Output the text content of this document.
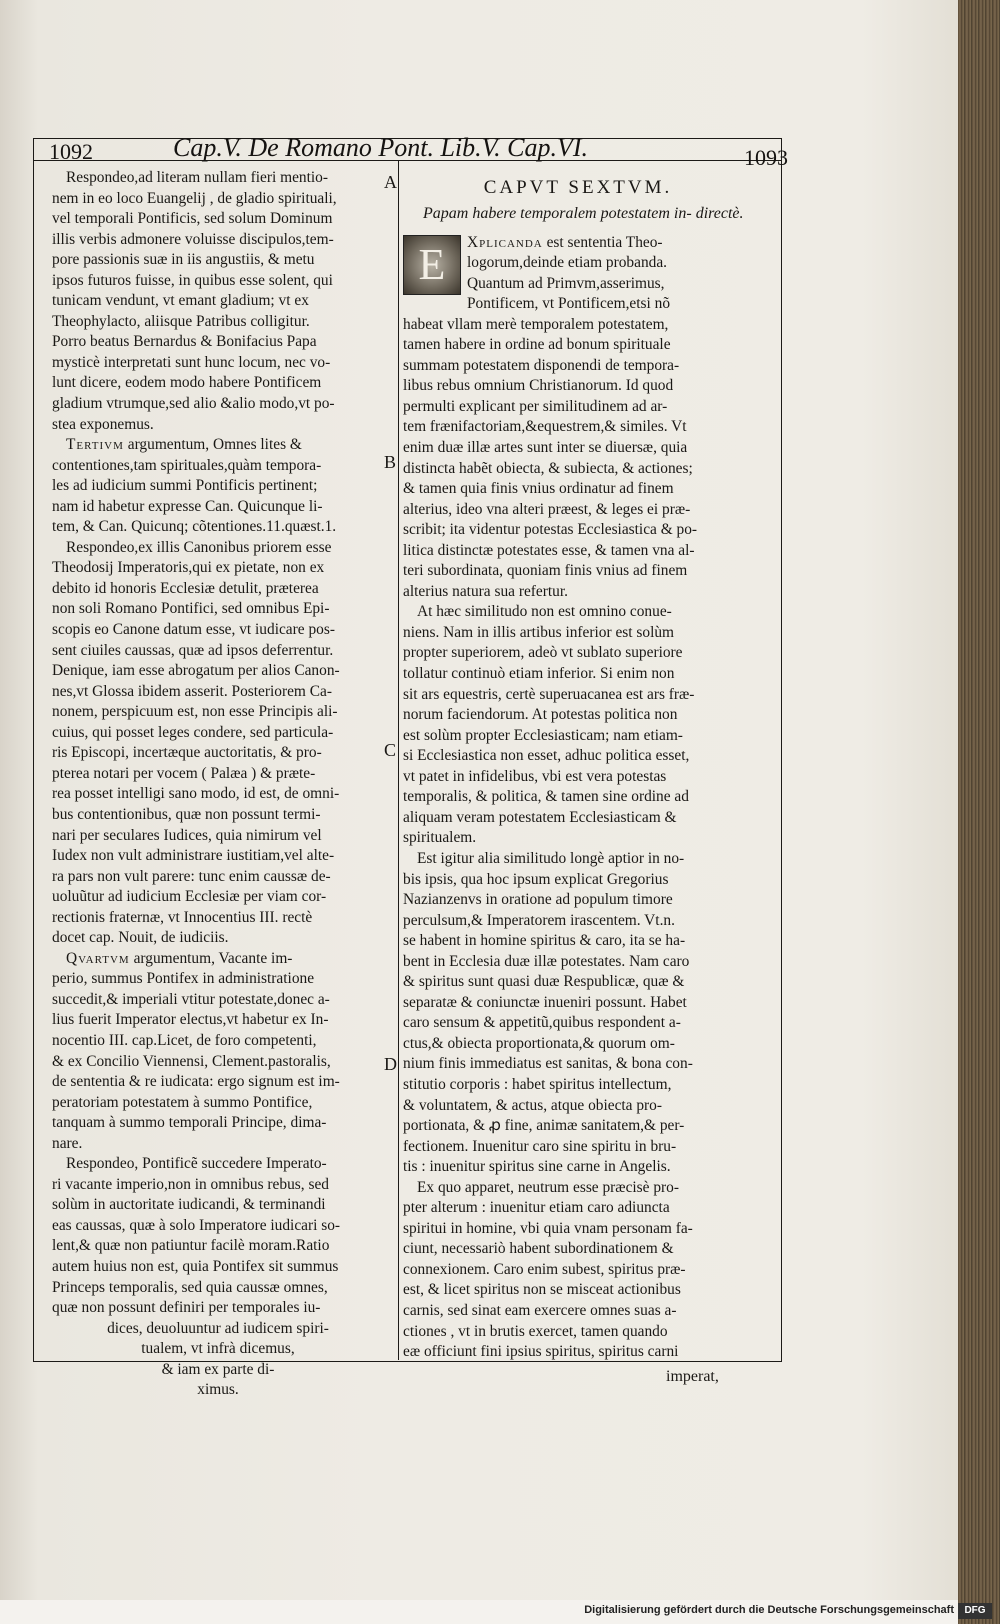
Digitalisierung gefördert durch die Deutsche Forschungsgemeinschaft	DFG
1092	Cap.V. De Romano Pont. Lib.V. Cap.VI.	1093

Respondeo,ad literam nullam fieri mentio-
nem in eo loco Euangelij , de gladio spirituali,
vel temporali Pontificis, sed solum Dominum
illis verbis admonere voluisse discipulos,tem-
pore passionis suæ in iis angustiis, & metu
ipsos futuros fuisse, in quibus esse solent, qui
tunicam vendunt, vt emant gladium; vt ex
Theophylacto, aliisque Patribus colligitur.
Porro beatus Bernardus & Bonifacius Papa
mysticè interpretati sunt hunc locum, nec vo-
lunt dicere, eodem modo habere Pontificem
gladium vtrumque,sed alio &alio modo,vt po-
stea exponemus.

Tertivm argumentum, Omnes lites &
contentiones,tam spirituales,quàm tempora-
les ad iudicium summi Pontificis pertinent;
nam id habetur expresse Can. Quicunque li-
tem, & Can. Quicunq; cõtentiones.11.quæst.1.

Respondeo,ex illis Canonibus priorem esse
Theodosij Imperatoris,qui ex pietate, non ex
debito id honoris Ecclesiæ detulit, præterea
non soli Romano Pontifici, sed omnibus Epi-
scopis eo Canone datum esse, vt iudicare pos-
sent ciuiles caussas, quæ ad ipsos deferrentur.
Denique, iam esse abrogatum per alios Canon-
nes,vt Glossa ibidem asserit. Posteriorem Ca-
nonem, perspicuum est, non esse Principis ali-
cuius, qui posset leges condere, sed particula-
ris Episcopi, incertæque auctoritatis, & pro-
pterea notari per vocem ( Palæa ) & præte-
rea posset intelligi sano modo, id est, de omni-
bus contentionibus, quæ non possunt termi-
nari per seculares Iudices, quia nimirum vel
Iudex non vult administrare iustitiam,vel alte-
ra pars non vult parere: tunc enim caussæ de-
uoluũtur ad iudicium Ecclesiæ per viam cor-
rectionis fraternæ, vt Innocentius III. rectè
docet cap. Nouit, de iudiciis.

Qvartvm argumentum, Vacante im-
perio, summus Pontifex in administratione
succedit,& imperiali vtitur potestate,donec a-
lius fuerit Imperator electus,vt habetur ex In-
nocentio III. cap.Licet, de foro competenti,
& ex Concilio Viennensi, Clement.pastoralis,
de sententia & re iudicata: ergo signum est im-
peratoriam potestatem à summo Pontifice,
tanquam à summo temporali Principe, dima-
nare.

Respondeo, Pontificẽ succedere Imperato-
ri vacante imperio,non in omnibus rebus, sed
solùm in auctoritate iudicandi, & terminandi
eas caussas, quæ à solo Imperatore iudicari so-
lent,& quæ non patiuntur facilè moram.Ratio
autem huius non est, quia Pontifex sit summus
Princeps temporalis, sed quia caussæ omnes,
quæ non possunt definiri per temporales iu-

dices, deuoluuntur ad iudicem spiri-
tualem, vt infrà dicemus,
& iam ex parte di-
ximus.

A
B
C
D
CAPVT SEXTVM.
Papam habere temporalem potestatem in- directè.

E	Xplicanda est sententia Theo-
logorum,deinde etiam probanda.
Quantum ad Primvm,asserimus,
Pontificem, vt Pontificem,etsi nõ
habeat vllam merè temporalem potestatem,
tamen habere in ordine ad bonum spirituale
summam potestatem disponendi de tempora-
libus rebus omnium Christianorum. Id quod
permulti explicant per similitudinem ad ar-
tem frænifactoriam,&equestrem,& similes. Vt
enim duæ illæ artes sunt inter se diuersæ, quia
distincta habẽt obiecta, & subiecta, & actiones;
& tamen quia finis vnius ordinatur ad finem
alterius, ideo vna alteri præest, & leges ei præ-
scribit; ita videntur potestas Ecclesiastica & po-
litica distinctæ potestates esse, & tamen vna al-
teri subordinata, quoniam finis vnius ad finem
alterius natura sua refertur.

At hæc similitudo non est omnino conue-
niens. Nam in illis artibus inferior est solùm
propter superiorem, adeò vt sublato superiore
tollatur continuò etiam inferior. Si enim non
sit ars equestris, certè superuacanea est ars fræ-
norum faciendorum. At potestas politica non
est solùm propter Ecclesiasticam; nam etiam-
si Ecclesiastica non esset, adhuc politica esset,
vt patet in infidelibus, vbi est vera potestas
temporalis, & politica, & tamen sine ordine ad
aliquam veram potestatem Ecclesiasticam &
spiritualem.

Est igitur alia similitudo longè aptior in no-
bis ipsis, qua hoc ipsum explicat Gregorius
Nazianzenvs in oratione ad populum timore
perculsum,& Imperatorem irascentem. Vt.n.
se habent in homine spiritus & caro, ita se ha-
bent in Ecclesia duæ illæ potestates. Nam caro
& spiritus sunt quasi duæ Respublicæ, quæ &
separatæ & coniunctæ inueniri possunt. Habet
caro sensum & appetitũ,quibus respondent a-
ctus,& obiecta proportionata,& quorum om-
nium finis immediatus est sanitas, & bona con-
stitutio corporis : habet spiritus intellectum,
& voluntatem, & actus, atque obiecta pro-
portionata, & ꝓ fine, animæ sanitatem,& per-
fectionem. Inuenitur caro sine spiritu in bru-
tis : inuenitur spiritus sine carne in Angelis.

Ex quo apparet, neutrum esse præcisè pro-
pter alterum : inuenitur etiam caro adiuncta
spiritui in homine, vbi quia vnam personam fa-
ciunt, necessariò habent subordinationem &
connexionem. Caro enim subest, spiritus præ-
est, & licet spiritus non se misceat actionibus
carnis, sed sinat eam exercere omnes suas a-
ctiones , vt in brutis exercet, tamen quando
eæ officiunt fini ipsius spiritus, spiritus carni

imperat,
